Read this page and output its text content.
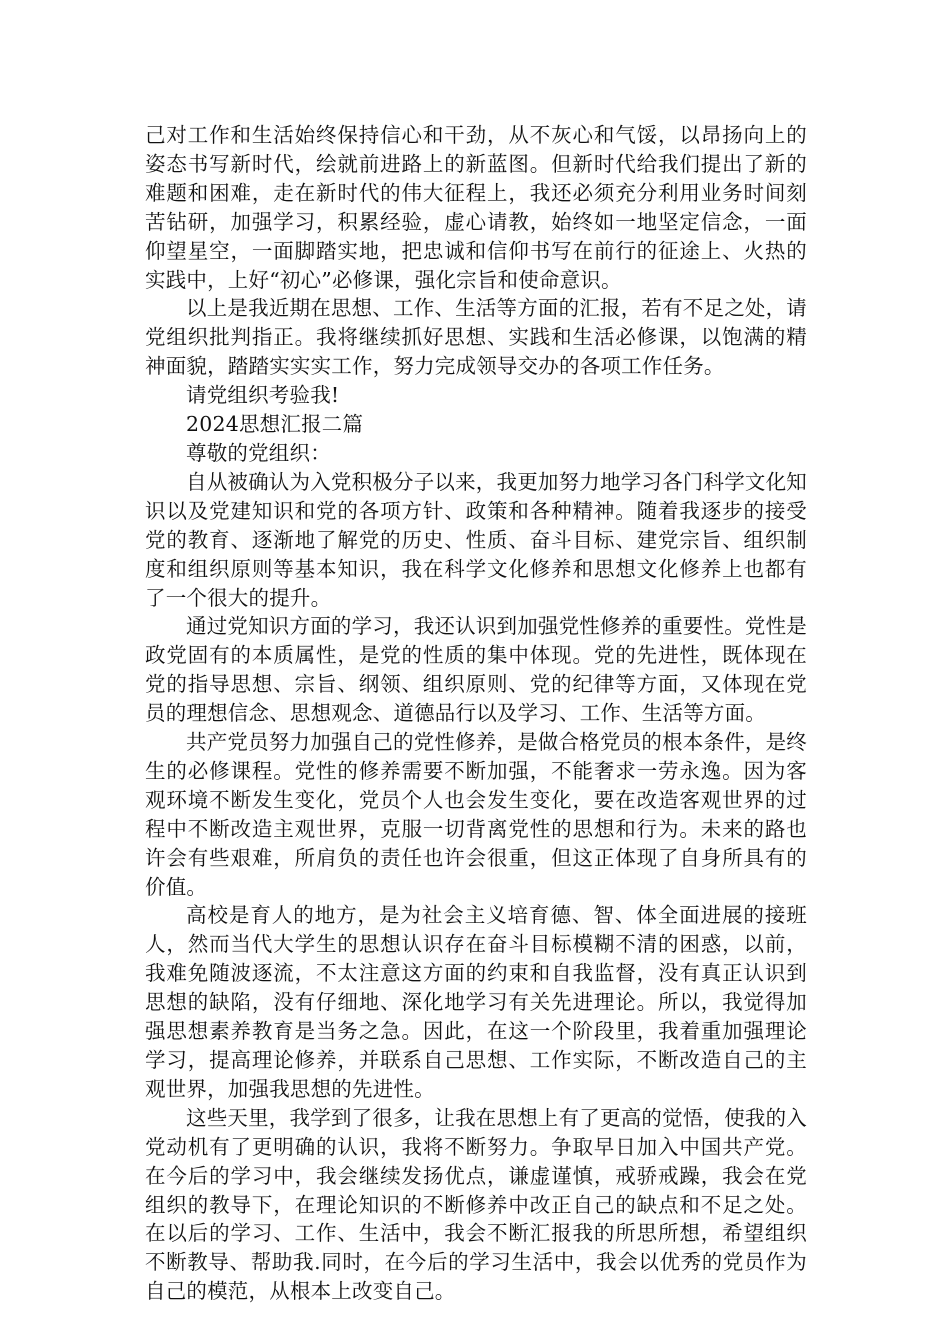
己对工作和生活始终保持信心和干劲，从不灰心和气馁，以昂扬向上的姿态书写新时代，绘就前进路上的新蓝图。但新时代给我们提出了新的难题和困难，走在新时代的伟大征程上，我还必须充分利用业务时间刻苦钻研，加强学习，积累经验，虚心请教，始终如一地坚定信念，一面仰望星空，一面脚踏实地，把忠诚和信仰书写在前行的征途上、火热的实践中，上好“初心”必修课，强化宗旨和使命意识。

以上是我近期在思想、工作、生活等方面的汇报，若有不足之处，请党组织批判指正。我将继续抓好思想、实践和生活必修课，以饱满的精神面貌，踏踏实实实工作，努力完成领导交办的各项工作任务。

请党组织考验我!

2024思想汇报二篇

尊敬的党组织：

自从被确认为入党积极分子以来，我更加努力地学习各门科学文化知识以及党建知识和党的各项方针、政策和各种精神。随着我逐步的接受党的教育、逐渐地了解党的历史、性质、奋斗目标、建党宗旨、组织制度和组织原则等基本知识，我在科学文化修养和思想文化修养上也都有了一个很大的提升。

通过党知识方面的学习，我还认识到加强党性修养的重要性。党性是政党固有的本质属性，是党的性质的集中体现。党的先进性，既体现在党的指导思想、宗旨、纲领、组织原则、党的纪律等方面，又体现在党员的理想信念、思想观念、道德品行以及学习、工作、生活等方面。

共产党员努力加强自己的党性修养，是做合格党员的根本条件，是终生的必修课程。党性的修养需要不断加强，不能奢求一劳永逸。因为客观环境不断发生变化，党员个人也会发生变化，要在改造客观世界的过程中不断改造主观世界，克服一切背离党性的思想和行为。未来的路也许会有些艰难，所肩负的责任也许会很重，但这正体现了自身所具有的价值。

高校是育人的地方，是为社会主义培育德、智、体全面进展的接班人，然而当代大学生的思想认识存在奋斗目标模糊不清的困惑，以前，我难免随波逐流，不太注意这方面的约束和自我监督，没有真正认识到思想的缺陷，没有仔细地、深化地学习有关先进理论。所以，我觉得加强思想素养教育是当务之急。因此，在这一个阶段里，我着重加强理论学习，提高理论修养，并联系自己思想、工作实际，不断改造自己的主观世界，加强我思想的先进性。

这些天里，我学到了很多，让我在思想上有了更高的觉悟，使我的入党动机有了更明确的认识，我将不断努力。争取早日加入中国共产党。在今后的学习中，我会继续发扬优点，谦虚谨慎，戒骄戒躁，我会在党组织的教导下，在理论知识的不断修养中改正自己的缺点和不足之处。在以后的学习、工作、生活中，我会不断汇报我的所思所想，希望组织不断教导、帮助我.同时，在今后的学习生活中，我会以优秀的党员作为自己的模范，从根本上改变自己。
